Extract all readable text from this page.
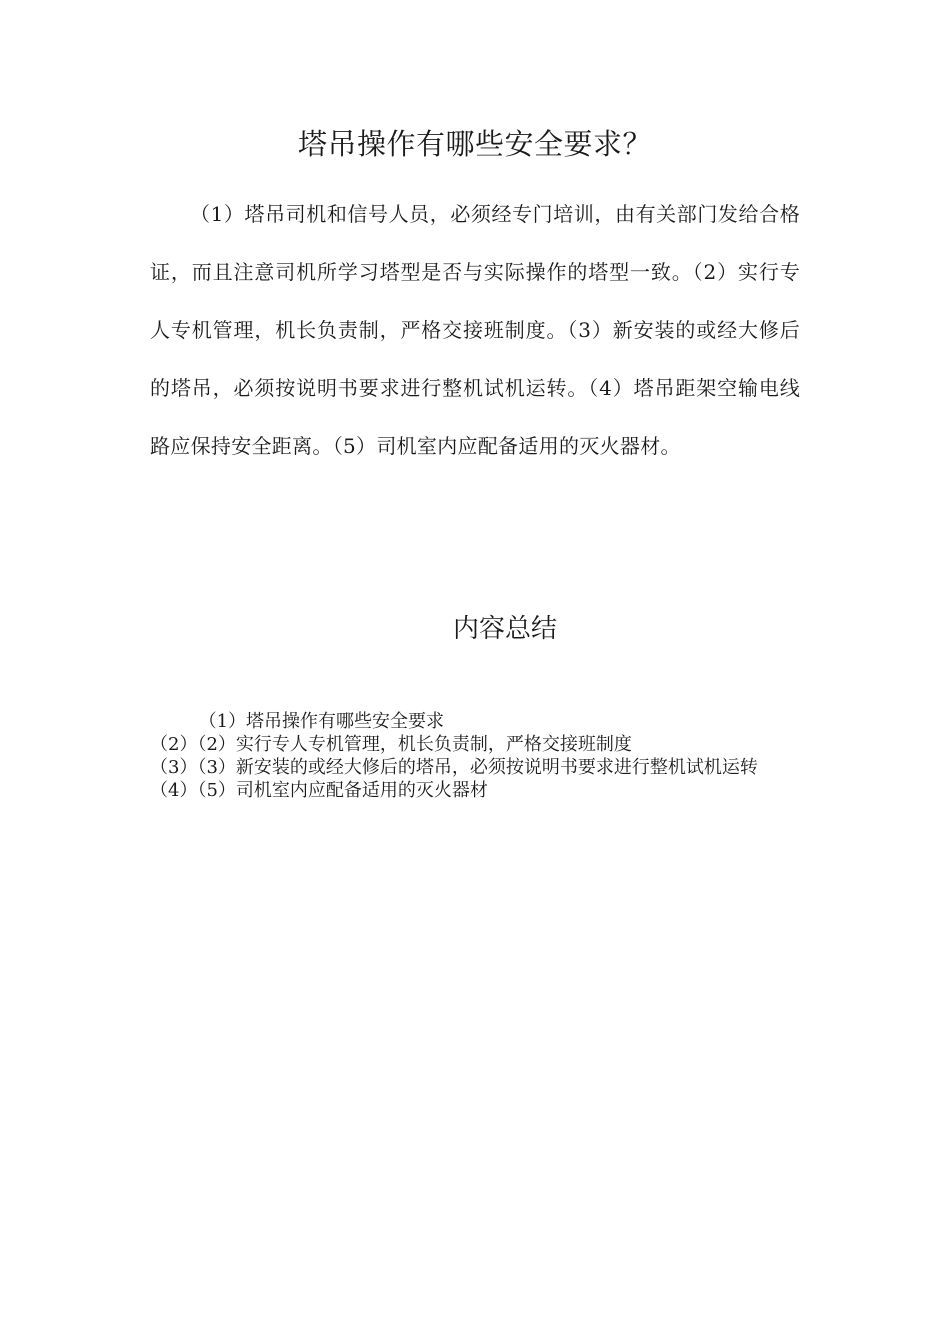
塔吊操作有哪些安全要求？

（1）塔吊司机和信号人员，必须经专门培训，由有关部门发给合格证，而且注意司机所学习塔型是否与实际操作的塔型一致。（2）实行专人专机管理，机长负责制，严格交接班制度。（3）新安装的或经大修后的塔吊，必须按说明书要求进行整机试机运转。（4）塔吊距架空输电线路应保持安全距离。（5）司机室内应配备适用的灭火器材。

内容总结
（1）塔吊操作有哪些安全要求
（2）（2）实行专人专机管理，机长负责制，严格交接班制度
（3）（3）新安装的或经大修后的塔吊，必须按说明书要求进行整机试机运转
（4）（5）司机室内应配备适用的灭火器材
